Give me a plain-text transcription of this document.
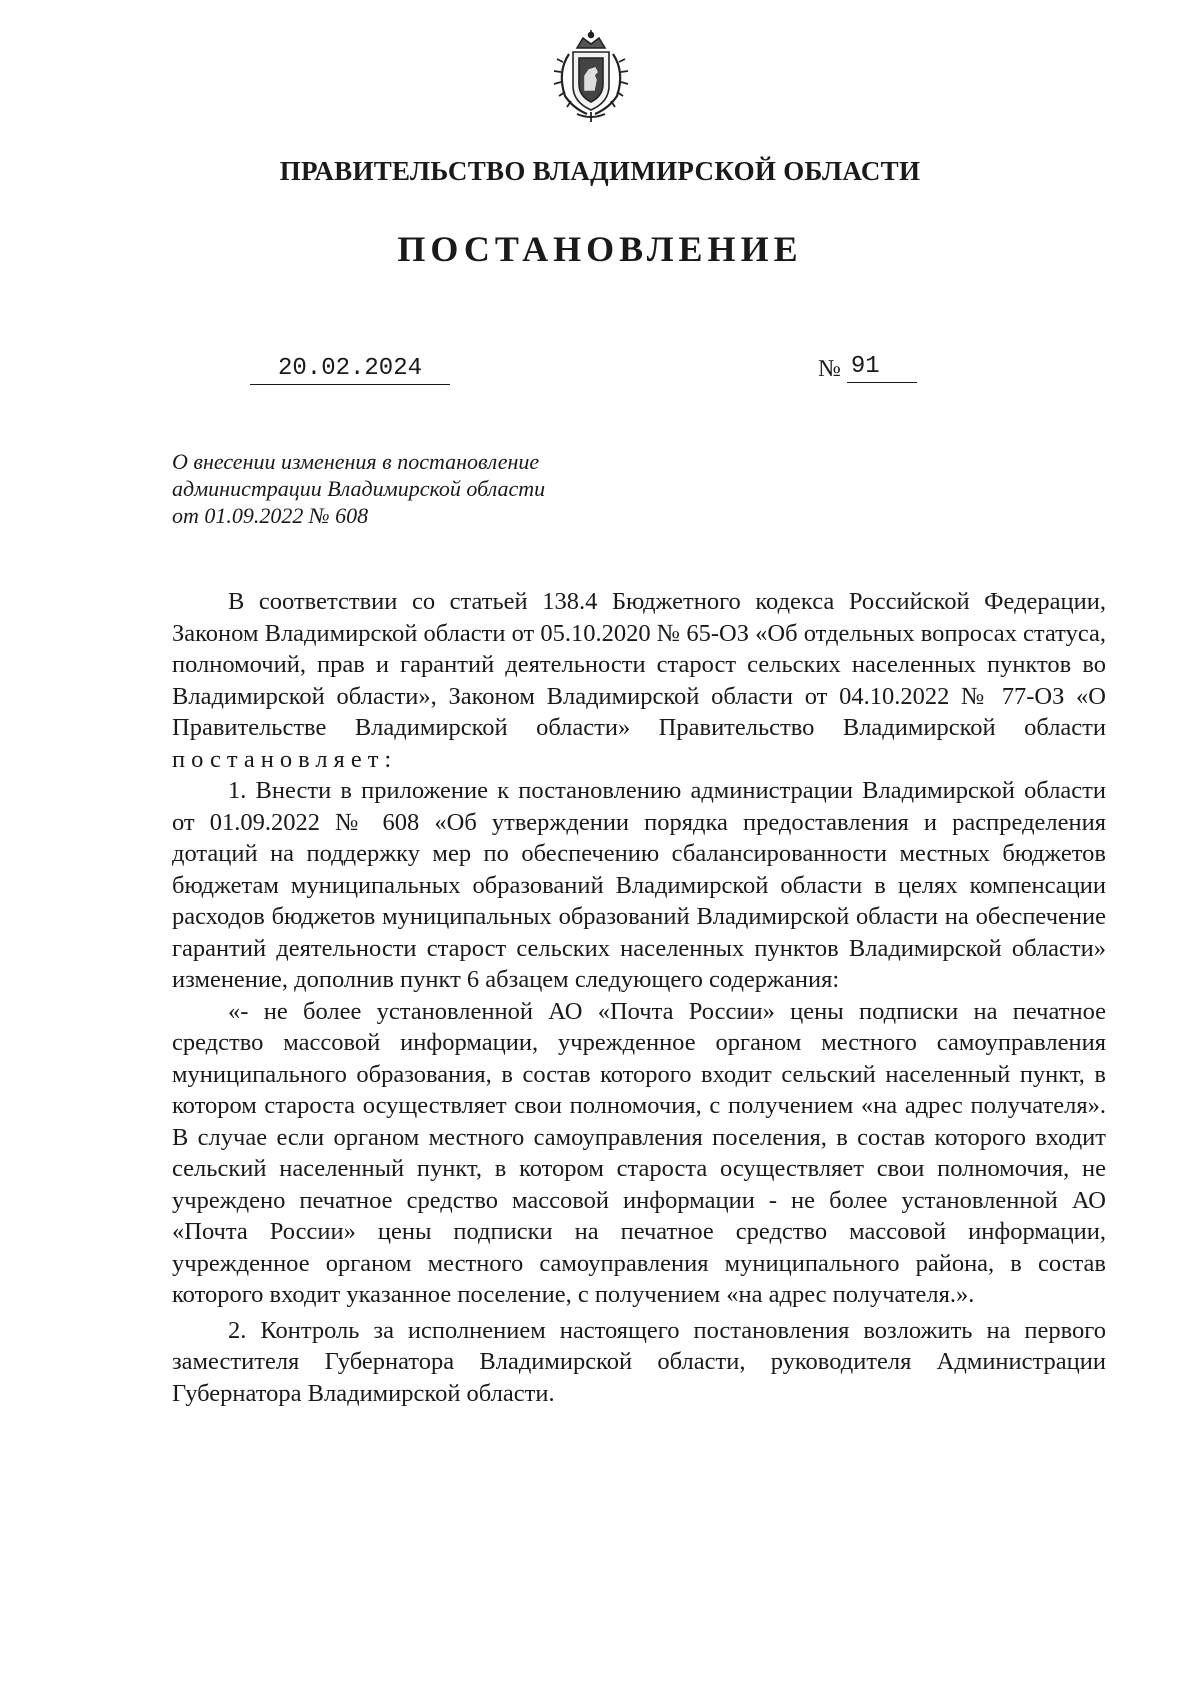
ПРАВИТЕЛЬСТВО ВЛАДИМИРСКОЙ ОБЛАСТИ
ПОСТАНОВЛЕНИЕ
20.02.2024	№ 91
О внесении изменения в постановление
администрации Владимирской области
от 01.09.2022 № 608

В соответствии со статьей 138.4 Бюджетного кодекса Российской Федерации, Законом Владимирской области от 05.10.2020 № 65-ОЗ «Об отдельных вопросах статуса, полномочий, прав и гарантий деятельности старост сельских населенных пунктов во Владимирской области», Законом Владимирской области от 04.10.2022 № 77-ОЗ «О Правительстве Владимирской области» Правительство Владимирской области постановляет:

1. Внести в приложение к постановлению администрации Владимирской области от 01.09.2022 № 608 «Об утверждении порядка предоставления и распределения дотаций на поддержку мер по обеспечению сбалансированности местных бюджетов бюджетам муниципальных образований Владимирской области в целях компенсации расходов бюджетов муниципальных образований Владимирской области на обеспечение гарантий деятельности старост сельских населенных пунктов Владимирской области» изменение, дополнив пункт 6 абзацем следующего содержания:

«- не более установленной АО «Почта России» цены подписки на печатное средство массовой информации, учрежденное органом местного самоуправления муниципального образования, в состав которого входит сельский населенный пункт, в котором староста осуществляет свои полномочия, с получением «на адрес получателя». В случае если органом местного самоуправления поселения, в состав которого входит сельский населенный пункт, в котором староста осуществляет свои полномочия, не учреждено печатное средство массовой информации - не более установленной АО «Почта России» цены подписки на печатное средство массовой информации, учрежденное органом местного самоуправления муниципального района, в состав которого входит указанное поселение, с получением «на адрес получателя.».

2. Контроль за исполнением настоящего постановления возложить на первого заместителя Губернатора Владимирской области, руководителя Администрации Губернатора Владимирской области.
